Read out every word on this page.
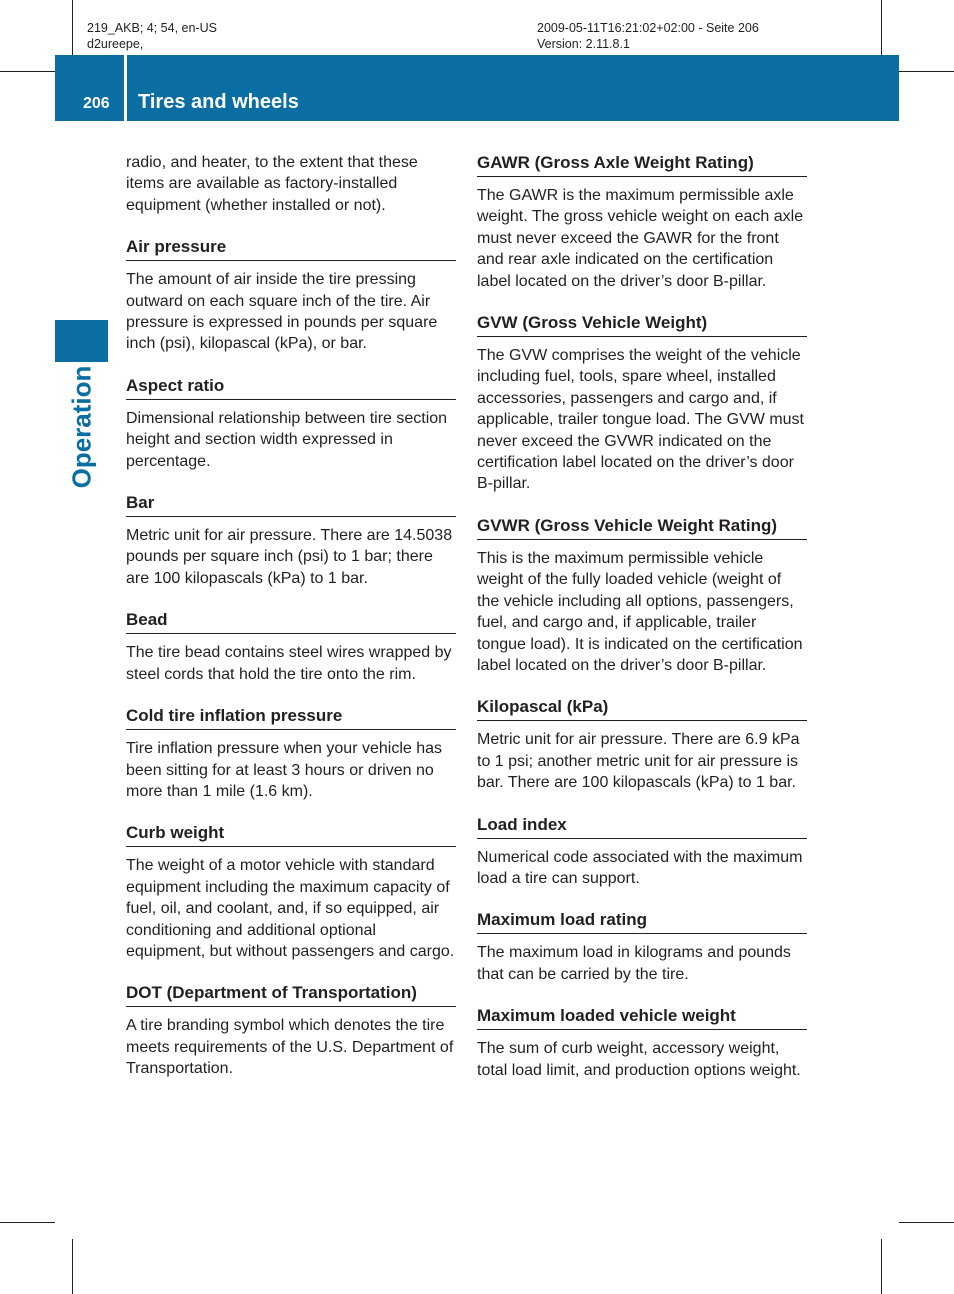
219_AKB; 4; 54, en-US
d2ureepe,
2009-05-11T16:21:02+02:00 - Seite 206
Version: 2.11.8.1
206 Tires and wheels
Operation

radio, and heater, to the extent that these items are available as factory-installed equipment (whether installed or not).

Air pressure

The amount of air inside the tire pressing outward on each square inch of the tire. Air pressure is expressed in pounds per square inch (psi), kilopascal (kPa), or bar.

Aspect ratio

Dimensional relationship between tire section height and section width expressed in percentage.

Bar

Metric unit for air pressure. There are 14.5038 pounds per square inch (psi) to 1 bar; there are 100 kilopascals (kPa) to 1 bar.

Bead

The tire bead contains steel wires wrapped by steel cords that hold the tire onto the rim.

Cold tire inflation pressure

Tire inflation pressure when your vehicle has been sitting for at least 3 hours or driven no more than 1 mile (1.6 km).

Curb weight

The weight of a motor vehicle with standard equipment including the maximum capacity of fuel, oil, and coolant, and, if so equipped, air conditioning and additional optional equipment, but without passengers and cargo.

DOT (Department of Transportation)

A tire branding symbol which denotes the tire meets requirements of the U.S. Department of Transportation.

GAWR (Gross Axle Weight Rating)

The GAWR is the maximum permissible axle weight. The gross vehicle weight on each axle must never exceed the GAWR for the front and rear axle indicated on the certification label located on the driver’s door B-pillar.

GVW (Gross Vehicle Weight)

The GVW comprises the weight of the vehicle including fuel, tools, spare wheel, installed accessories, passengers and cargo and, if applicable, trailer tongue load. The GVW must never exceed the GVWR indicated on the certification label located on the driver’s door B-pillar.

GVWR (Gross Vehicle Weight Rating)

This is the maximum permissible vehicle weight of the fully loaded vehicle (weight of the vehicle including all options, passengers, fuel, and cargo and, if applicable, trailer tongue load). It is indicated on the certification label located on the driver’s door B-pillar.

Kilopascal (kPa)

Metric unit for air pressure. There are 6.9 kPa to 1 psi; another metric unit for air pressure is bar. There are 100 kilopascals (kPa) to 1 bar.

Load index

Numerical code associated with the maximum load a tire can support.

Maximum load rating

The maximum load in kilograms and pounds that can be carried by the tire.

Maximum loaded vehicle weight

The sum of curb weight, accessory weight, total load limit, and production options weight.
